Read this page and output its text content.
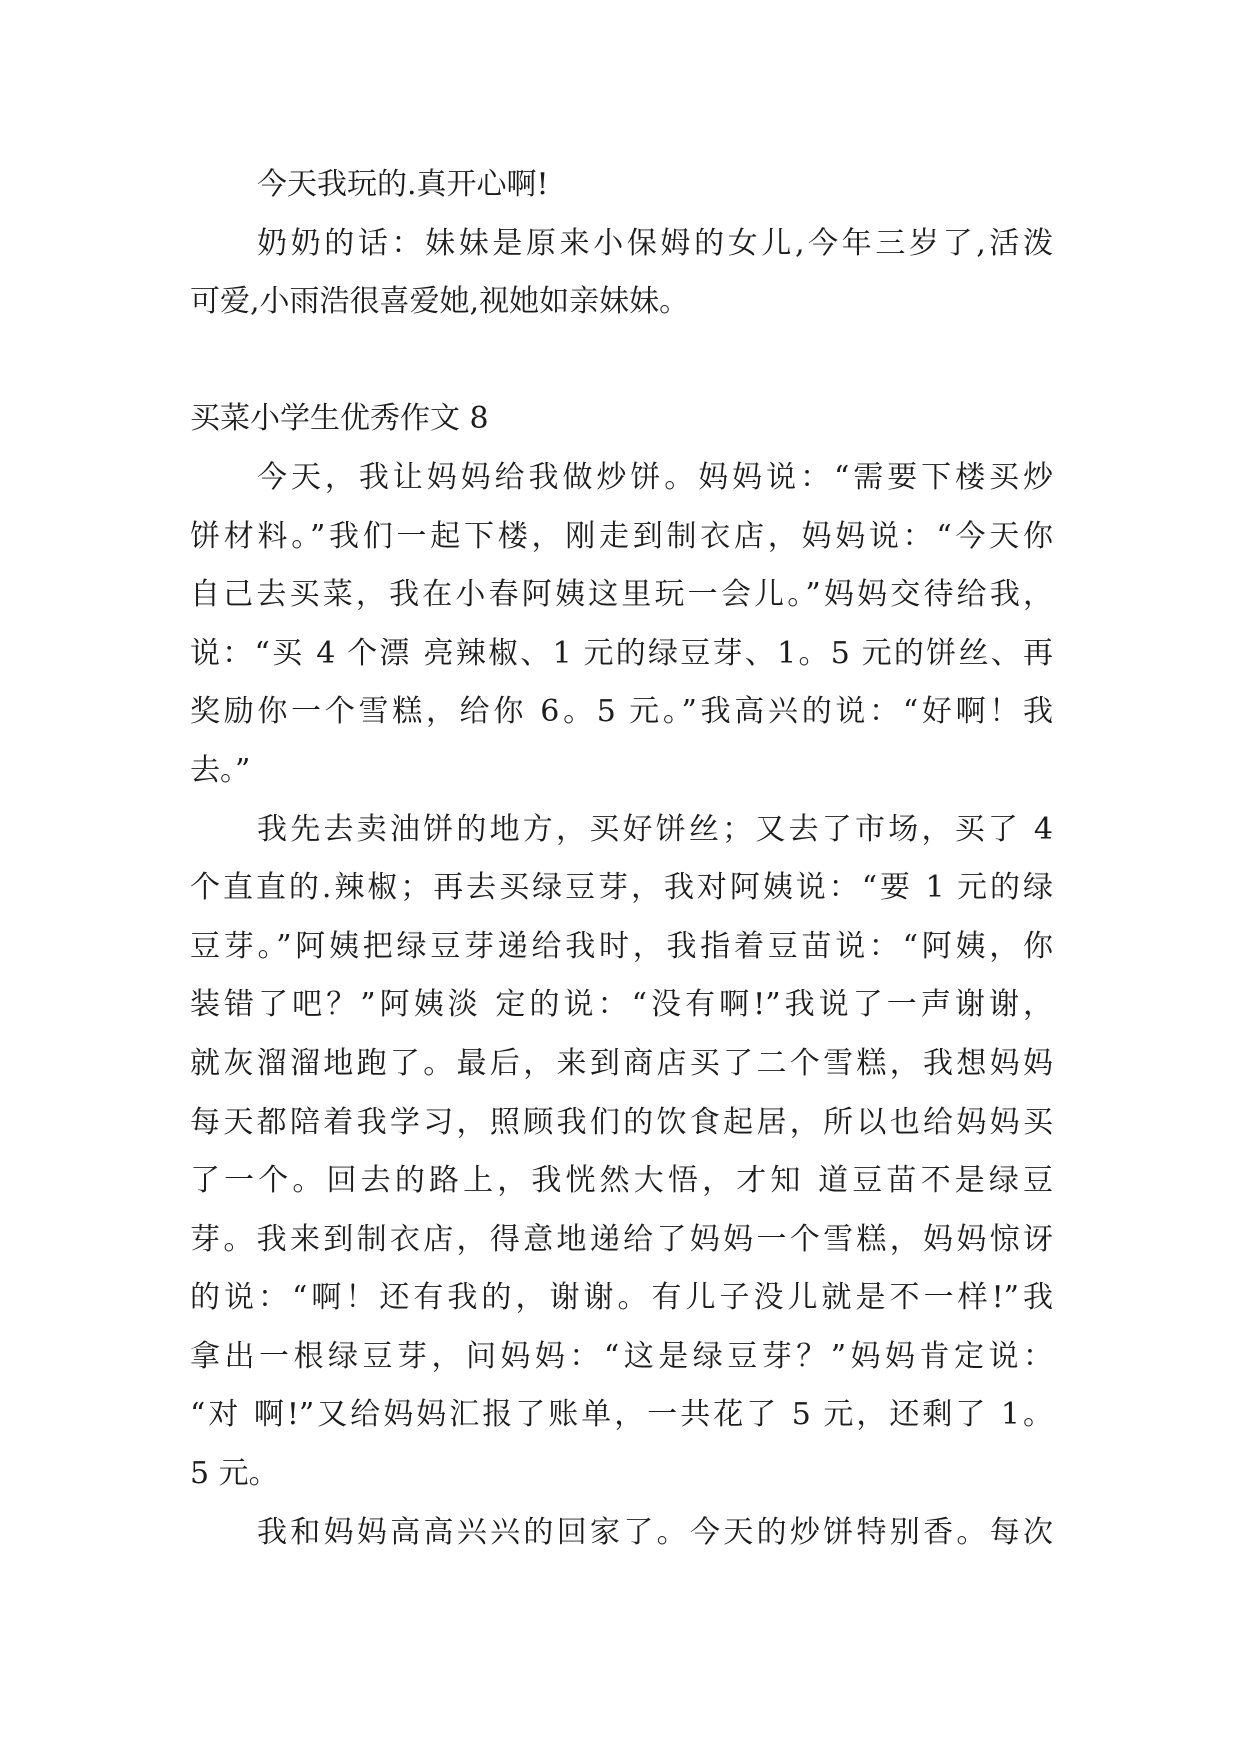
今天我玩的.真开心啊!
奶奶的话：妹妹是原来小保姆的女儿,今年三岁了,活泼
可爱,小雨浩很喜爱她,视她如亲妹妹。
买菜小学生优秀作文 8
今天，我让妈妈给我做炒饼。妈妈说：“需要下楼买炒
饼材料。”我们一起下楼，刚走到制衣店，妈妈说：“今天你
自己去买菜，我在小春阿姨这里玩一会儿。”妈妈交待给我，
说：“买 4 个漂 亮辣椒、1 元的绿豆芽、1。5 元的饼丝、再
奖励你一个雪糕，给你 6。5 元。”我高兴的说：“好啊！我
去。”
我先去卖油饼的地方，买好饼丝；又去了市场，买了 4
个直直的.辣椒；再去买绿豆芽，我对阿姨说：“要 1 元的绿
豆芽。”阿姨把绿豆芽递给我时，我指着豆苗说：“阿姨，你
装错了吧？”阿姨淡 定的说：“没有啊!”我说了一声谢谢，
就灰溜溜地跑了。最后，来到商店买了二个雪糕，我想妈妈
每天都陪着我学习，照顾我们的饮食起居，所以也给妈妈买
了一个。回去的路上，我恍然大悟，才知 道豆苗不是绿豆
芽。我来到制衣店，得意地递给了妈妈一个雪糕，妈妈惊讶
的说：“啊！还有我的，谢谢。有儿子没儿就是不一样!”我
拿出一根绿豆芽，问妈妈：“这是绿豆芽？”妈妈肯定说：
“对 啊!”又给妈妈汇报了账单，一共花了 5 元，还剩了 1。
5 元。
我和妈妈高高兴兴的回家了。今天的炒饼特别香。每次
